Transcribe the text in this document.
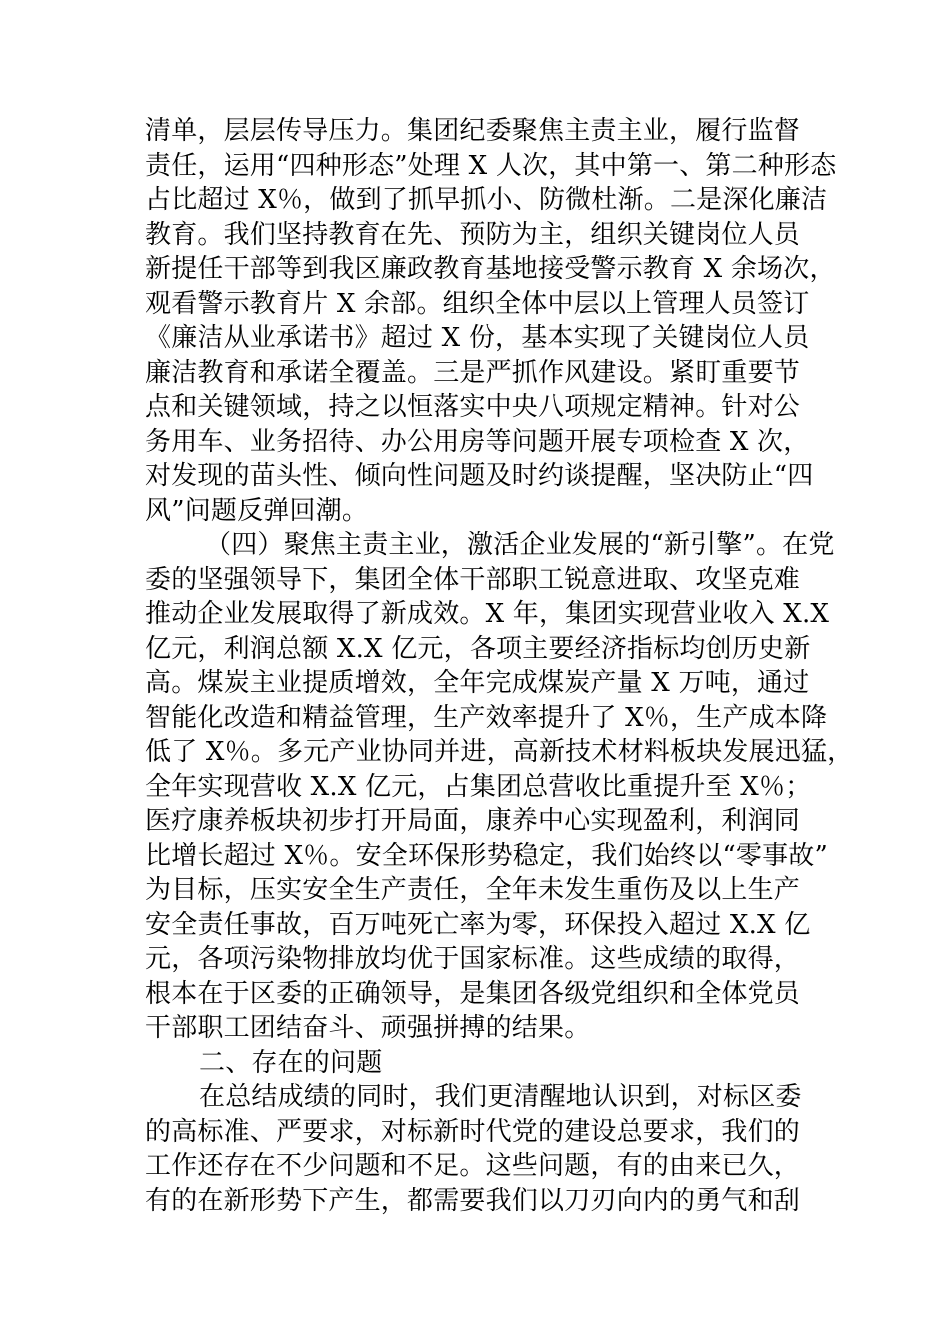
清单，层层传导压力。集团纪委聚焦主责主业，履行监督
责任，运用“四种形态”处理 X 人次，其中第一、第二种形态
占比超过 X％，做到了抓早抓小、防微杜渐。二是深化廉洁
教育。我们坚持教育在先、预防为主，组织关键岗位人员
新提任干部等到我区廉政教育基地接受警示教育 X 余场次，
观看警示教育片 X 余部。组织全体中层以上管理人员签订
《廉洁从业承诺书》超过 X 份，基本实现了关键岗位人员
廉洁教育和承诺全覆盖。三是严抓作风建设。紧盯重要节
点和关键领域，持之以恒落实中央八项规定精神。针对公
务用车、业务招待、办公用房等问题开展专项检查 X 次，
对发现的苗头性、倾向性问题及时约谈提醒，坚决防止“四
风”问题反弹回潮。
（四）聚焦主责主业，激活企业发展的“新引擎”。在党
委的坚强领导下，集团全体干部职工锐意进取、攻坚克难
推动企业发展取得了新成效。X 年，集团实现营业收入 X.X
亿元，利润总额 X.X 亿元，各项主要经济指标均创历史新
高。煤炭主业提质增效，全年完成煤炭产量 X 万吨，通过
智能化改造和精益管理，生产效率提升了 X％，生产成本降
低了 X％。多元产业协同并进，高新技术材料板块发展迅猛，
全年实现营收 X.X 亿元，占集团总营收比重提升至 X％；
医疗康养板块初步打开局面，康养中心实现盈利，利润同
比增长超过 X％。安全环保形势稳定，我们始终以“零事故”
为目标，压实安全生产责任，全年未发生重伤及以上生产
安全责任事故，百万吨死亡率为零，环保投入超过 X.X 亿
元，各项污染物排放均优于国家标准。这些成绩的取得，
根本在于区委的正确领导，是集团各级党组织和全体党员
干部职工团结奋斗、顽强拼搏的结果。
二、存在的问题
在总结成绩的同时，我们更清醒地认识到，对标区委
的高标准、严要求，对标新时代党的建设总要求，我们的
工作还存在不少问题和不足。这些问题，有的由来已久，
有的在新形势下产生，都需要我们以刀刃向内的勇气和刮
